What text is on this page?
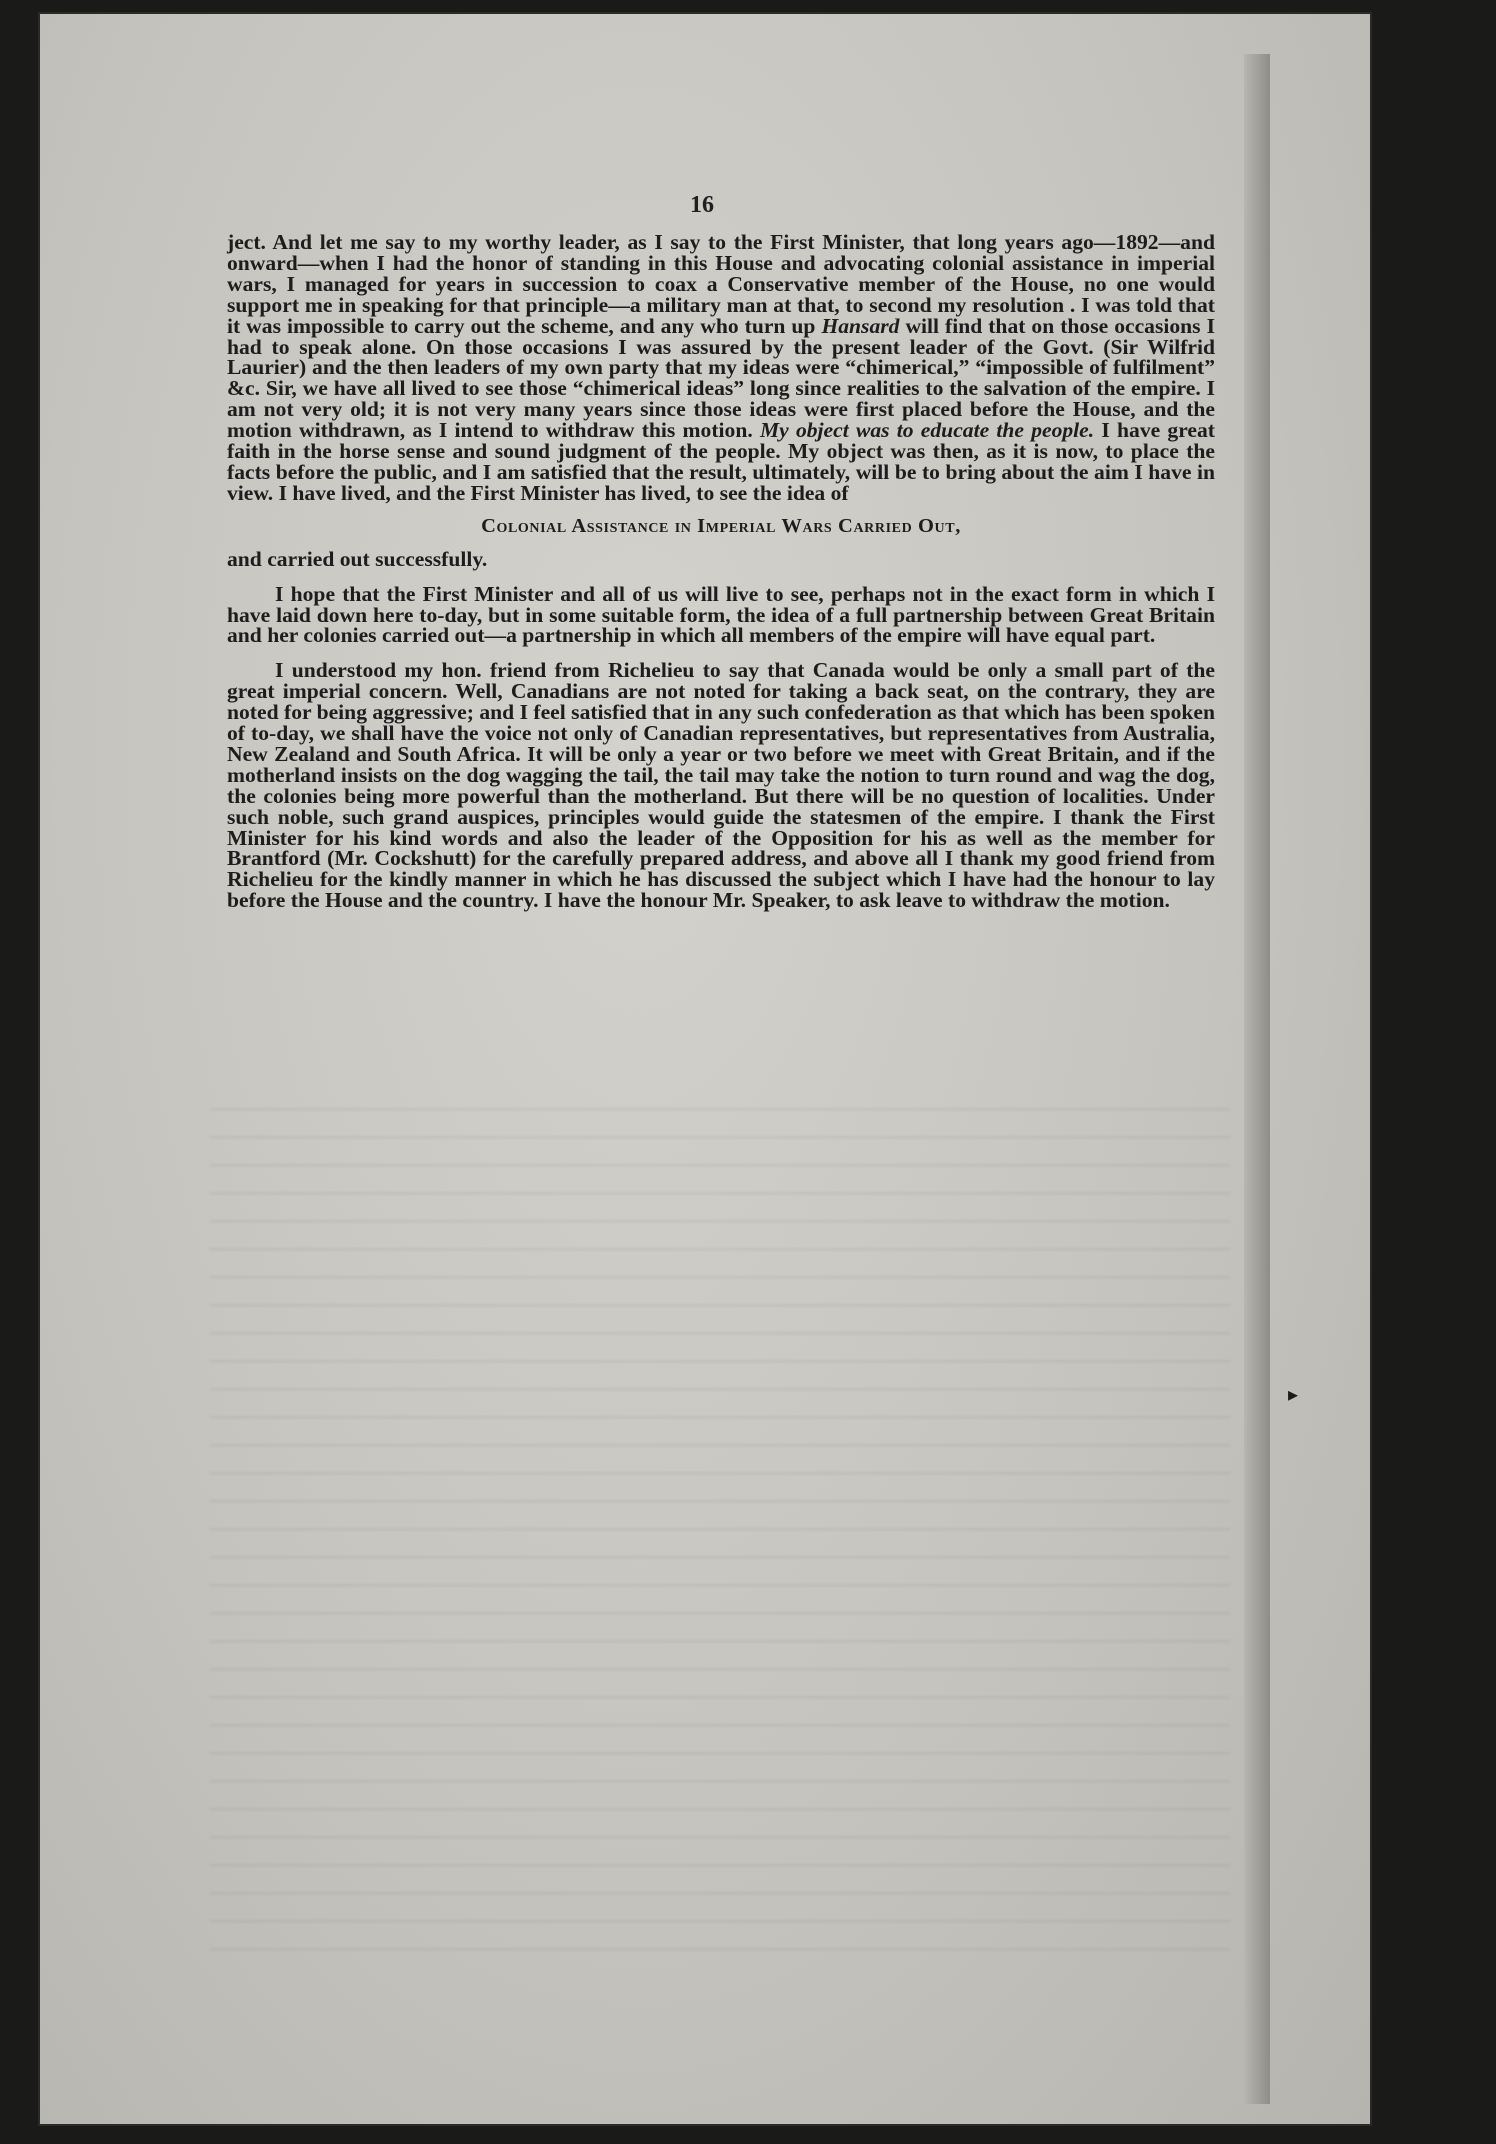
16

ject. And let me say to my worthy leader, as I say to the First Minister, that long years ago—1892—and onward—when I had the honor of standing in this House and advocating colonial assistance in imperial wars, I managed for years in succession to coax a Conservative member of the House, no one would support me in speaking for that principle—a military man at that, to second my resolution . I was told that it was impossible to carry out the scheme, and any who turn up Hansard will find that on those occasions I had to speak alone. On those occasions I was assured by the present leader of the Govt. (Sir Wilfrid Laurier) and the then leaders of my own party that my ideas were “chimerical,” “impossible of fulfilment” &c. Sir, we have all lived to see those “chimerical ideas” long since realities to the salvation of the empire. I am not very old; it is not very many years since those ideas were first placed before the House, and the motion withdrawn, as I intend to withdraw this motion. My object was to educate the people. I have great faith in the horse sense and sound judgment of the people. My object was then, as it is now, to place the facts before the public, and I am satisfied that the result, ultimately, will be to bring about the aim I have in view. I have lived, and the First Minister has lived, to see the idea of

Colonial Assistance in Imperial Wars Carried Out,

and carried out successfully.

I hope that the First Minister and all of us will live to see, perhaps not in the exact form in which I have laid down here to-day, but in some suitable form, the idea of a full partnership between Great Britain and her colonies carried out—a partnership in which all members of the empire will have equal part.

I understood my hon. friend from Richelieu to say that Canada would be only a small part of the great imperial concern. Well, Canadians are not noted for taking a back seat, on the contrary, they are noted for being aggressive; and I feel satisfied that in any such confederation as that which has been spoken of to-day, we shall have the voice not only of Canadian representatives, but representatives from Australia, New Zealand and South Africa. It will be only a year or two before we meet with Great Britain, and if the motherland insists on the dog wagging the tail, the tail may take the notion to turn round and wag the dog, the colonies being more powerful than the motherland. But there will be no question of localities. Under such noble, such grand auspices, principles would guide the statesmen of the empire. I thank the First Minister for his kind words and also the leader of the Opposition for his as well as the member for Brantford (Mr. Cockshutt) for the carefully prepared address, and above all I thank my good friend from Richelieu for the kindly manner in which he has discussed the subject which I have had the honour to lay before the House and the country. I have the honour Mr. Speaker, to ask leave to withdraw the motion.

▸
